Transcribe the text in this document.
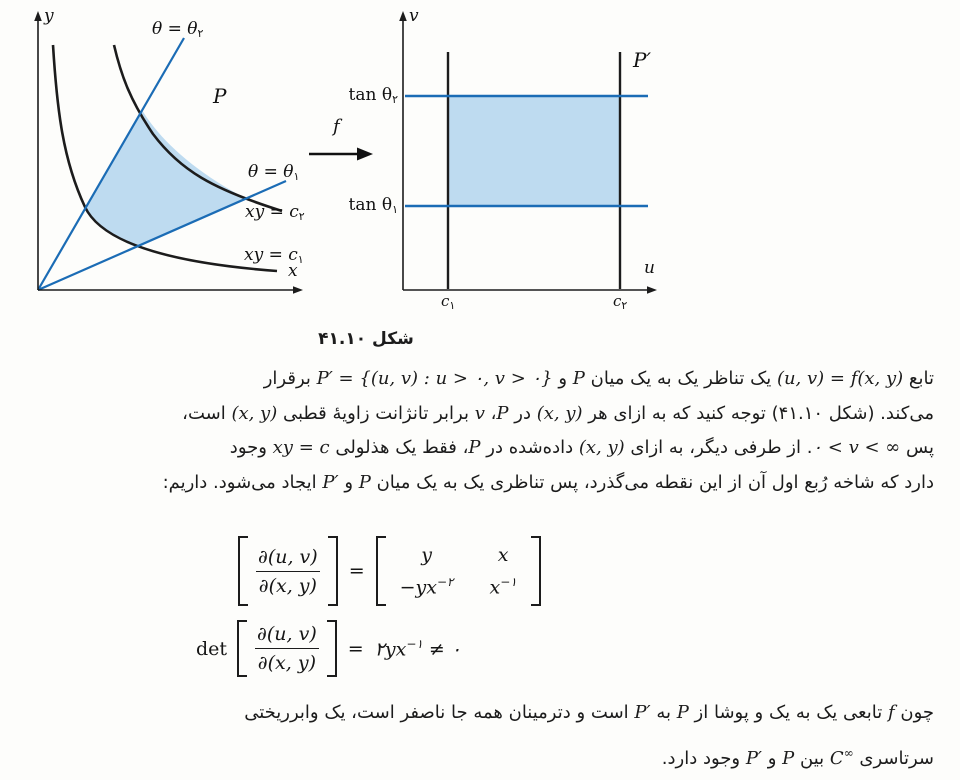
y
x
P
$\theta = \theta_۲$
$\theta = \theta_۱$
xy = $c_۲$
xy = $c_۱$
f
v
u
P′
$\tan \theta_۲$
$\tan \theta_۱$
$c_۱$	$c_۲$
شکل ۴۱.۱۰
تابع (u, v) = f(x, y) یک تناظر یک به یک میان P و P′ = {(u, v) : u > ۰, v > ۰} برقرار
می‌کند. (شکل ۴۱.۱۰) توجه کنید که به ازای هر (x, y) در P، v برابر تانژانت زاویهٔ قطبی (x, y) است،
پس ۰ < v < ∞. از طرفی دیگر، به ازای (x, y) داده‌شده در P، فقط یک هذلولی xy = c وجود
دارد که شاخه رُبع اول آن از این نقطه می‌گذرد، پس تناظری یک به یک میان P و P′ ایجاد می‌شود. داریم:
$\frac{\partial(u, v)}{\partial(x, y)}$ =
y	x
$-yx^{-۲}$ $x^{-۱}$
$\det \frac{\partial(u, v)}{\partial(x, y)}$ = $۲yx^{-۱}$ ≠ ۰
چون f تابعی یک به یک و پوشا از P به P′ است و دترمینان همه جا ناصفر است، یک وابرریختی
سرتاسری C∞ بین P و P′ وجود دارد.
